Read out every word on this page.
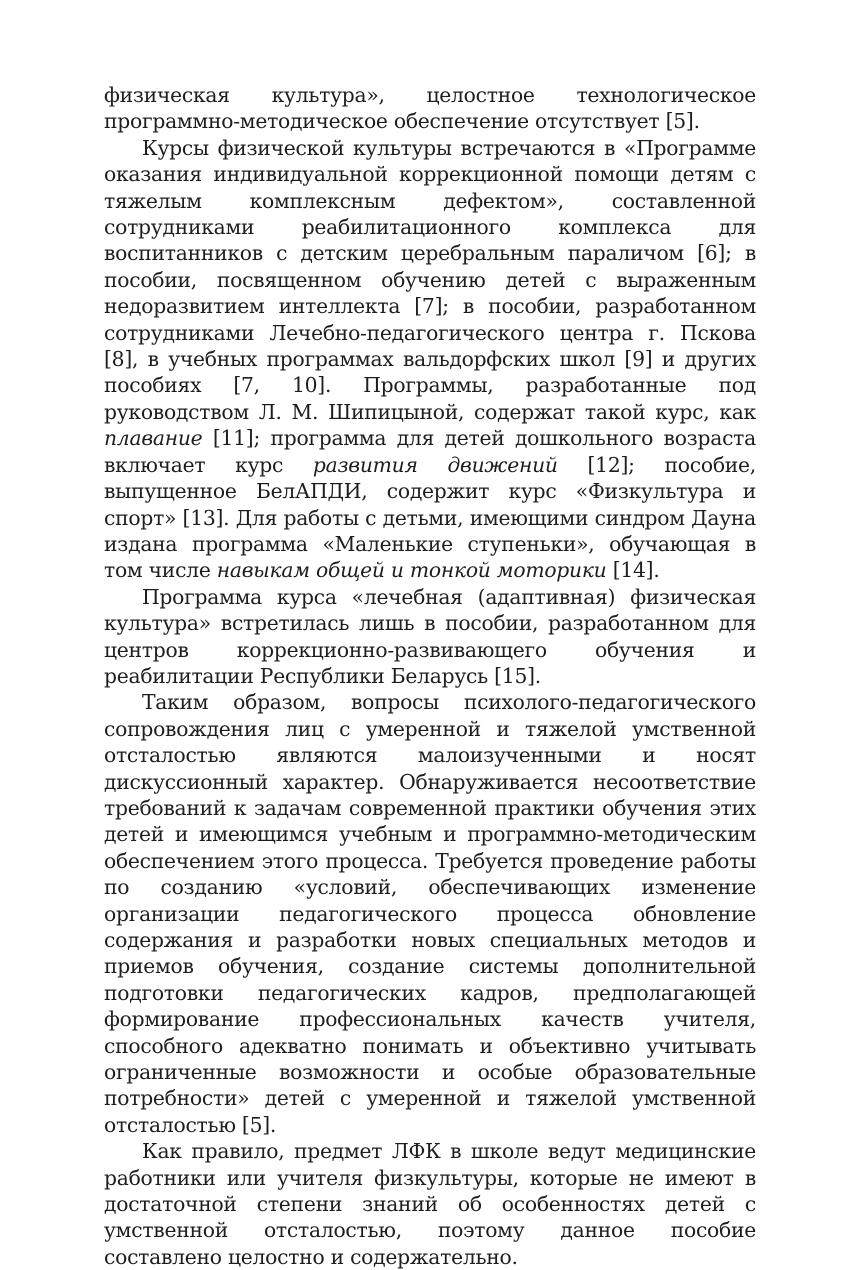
физическая культура», целостное технологическое программно-методическое обеспечение отсутствует [5].

Курсы физической культуры встречаются в «Программе оказания индивидуальной коррекционной помощи детям с тяжелым комплексным дефектом», составленной сотрудниками реабилитационного комплекса для воспитанников с детским церебральным параличом [6]; в пособии, посвященном обучению детей с выраженным недоразвитием интеллекта [7]; в пособии, разработанном сотрудниками Лечебно-педагогического центра г. Пскова [8], в учебных программах вальдорфских школ [9] и других пособиях [7, 10]. Программы, разработанные под руководством Л. М. Шипицыной, содержат такой курс, как плавание [11]; программа для детей дошкольного возраста включает курс развития движений [12]; пособие, выпущенное БелАПДИ, содержит курс «Физкультура и спорт» [13]. Для работы с детьми, имеющими синдром Дауна издана программа «Маленькие ступеньки», обучающая в том числе навыкам общей и тонкой моторики [14].

Программа курса «лечебная (адаптивная) физическая культура» встретилась лишь в пособии, разработанном для центров коррекционно-развивающего обучения и реабилитации Республики Беларусь [15].

Таким образом, вопросы психолого-педагогического сопровождения лиц с умеренной и тяжелой умственной отсталостью являются малоизученными и носят дискуссионный характер. Обнаруживается несоответствие требований к задачам современной практики обучения этих детей и имеющимся учебным и программно-методическим обеспечением этого процесса. Требуется проведение работы по созданию «условий, обеспечивающих изменение организации педагогического процесса обновление содержания и разработки новых специальных методов и приемов обучения, создание системы дополнительной подготовки педагогических кадров, предполагающей формирование профессиональных качеств учителя, способного адекватно понимать и объективно учитывать ограниченные возможности и особые образовательные потребности» детей с умеренной и тяжелой умственной отсталостью [5].

Как правило, предмет ЛФК в школе ведут медицинские работники или учителя физкультуры, которые не имеют в достаточной степени знаний об особенностях детей с умственной отсталостью, поэтому данное пособие составлено целостно и содержательно.
